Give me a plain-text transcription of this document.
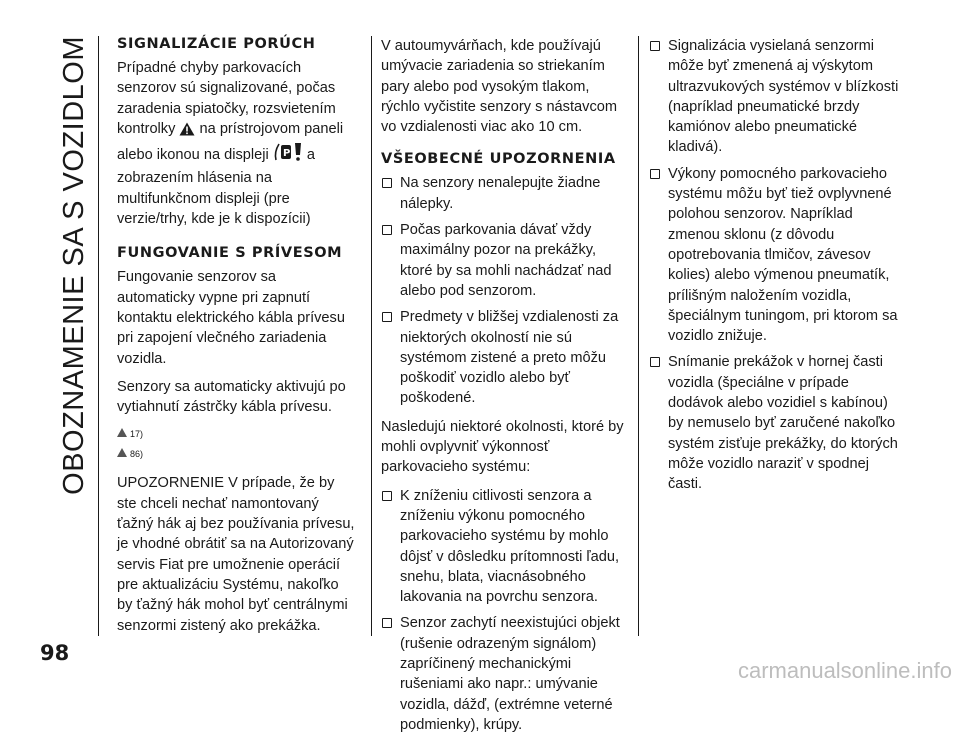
OBOZNAMENIE SA S VOZIDLOM SIGNALIZÁCIE PORÚCH

Prípadné chyby parkovacích senzorov sú signalizované, počas zaradenia spiatočky, rozsvietením kontrolky na prístrojovom paneli alebo ikonou na displeji P a zobrazením hlásenia na multifunkčnom displeji (pre verzie/trhy, kde je k dispozícii)

FUNGOVANIE S PRÍVESOM

Fungovanie senzorov sa automaticky vypne pri zapnutí kontaktu elektrického kábla prívesu pri zapojení vlečného zariadenia vozidla.

Senzory sa automaticky aktivujú po vytiahnutí zástrčky kábla prívesu.

17)
86)

UPOZORNENIE V prípade, že by ste chceli nechať namontovaný ťažný hák aj bez používania prívesu, je vhodné obrátiť sa na Autorizovaný servis Fiat pre umožnenie operácií pre aktualizáciu Systému, nakoľko by ťažný hák mohol byť centrálnymi senzormi zistený ako prekážka.

V autoumyvárňach, kde používajú umývacie zariadenia so striekaním pary alebo pod vysokým tlakom, rýchlo vyčistite senzory s nástavcom vo vzdialenosti viac ako 10 cm.

VŠEOBECNÉ UPOZORNENIA
Na senzory nenalepujte žiadne nálepky.
Počas parkovania dávať vždy maximálny pozor na prekážky, ktoré by sa mohli nachádzať nad alebo pod senzorom.
Predmety v bližšej vzdialenosti za niektorých okolností nie sú systémom zistené a preto môžu poškodiť vozidlo alebo byť poškodené.

Nasledujú niektoré okolnosti, ktoré by mohli ovplyvniť výkonnosť parkovacieho systému:

K zníženiu citlivosti senzora a zníženiu výkonu pomocného parkovacieho systému by mohlo dôjsť v dôsledku prítomnosti ľadu, snehu, blata, viacnásobného lakovania na povrchu senzora.
Senzor zachytí neexistujúci objekt (rušenie odrazeným signálom) zapríčinený mechanickými rušeniami ako napr.: umývanie vozidla, dážď, (extrémne veterné podmienky), krúpy.
Signalizácia vysielaná senzormi môže byť zmenená aj výskytom ultrazvukových systémov v blízkosti (napríklad pneumatické brzdy kamiónov alebo pneumatické kladivá).
Výkony pomocného parkovacieho systému môžu byť tiež ovplyvnené polohou senzorov. Napríklad zmenou sklonu (z dôvodu opotrebovania tlmičov, závesov kolies) alebo výmenou pneumatík, prílišným naložením vozidla, špeciálnym tuningom, pri ktorom sa vozidlo znižuje.
Snímanie prekážok v hornej časti vozidla (špeciálne v prípade dodávok alebo vozidiel s kabínou) by nemuselo byť zaručené nakoľko systém zisťuje prekážky, do ktorých môže vozidlo naraziť v spodnej časti.
98
carmanualsonline.info
